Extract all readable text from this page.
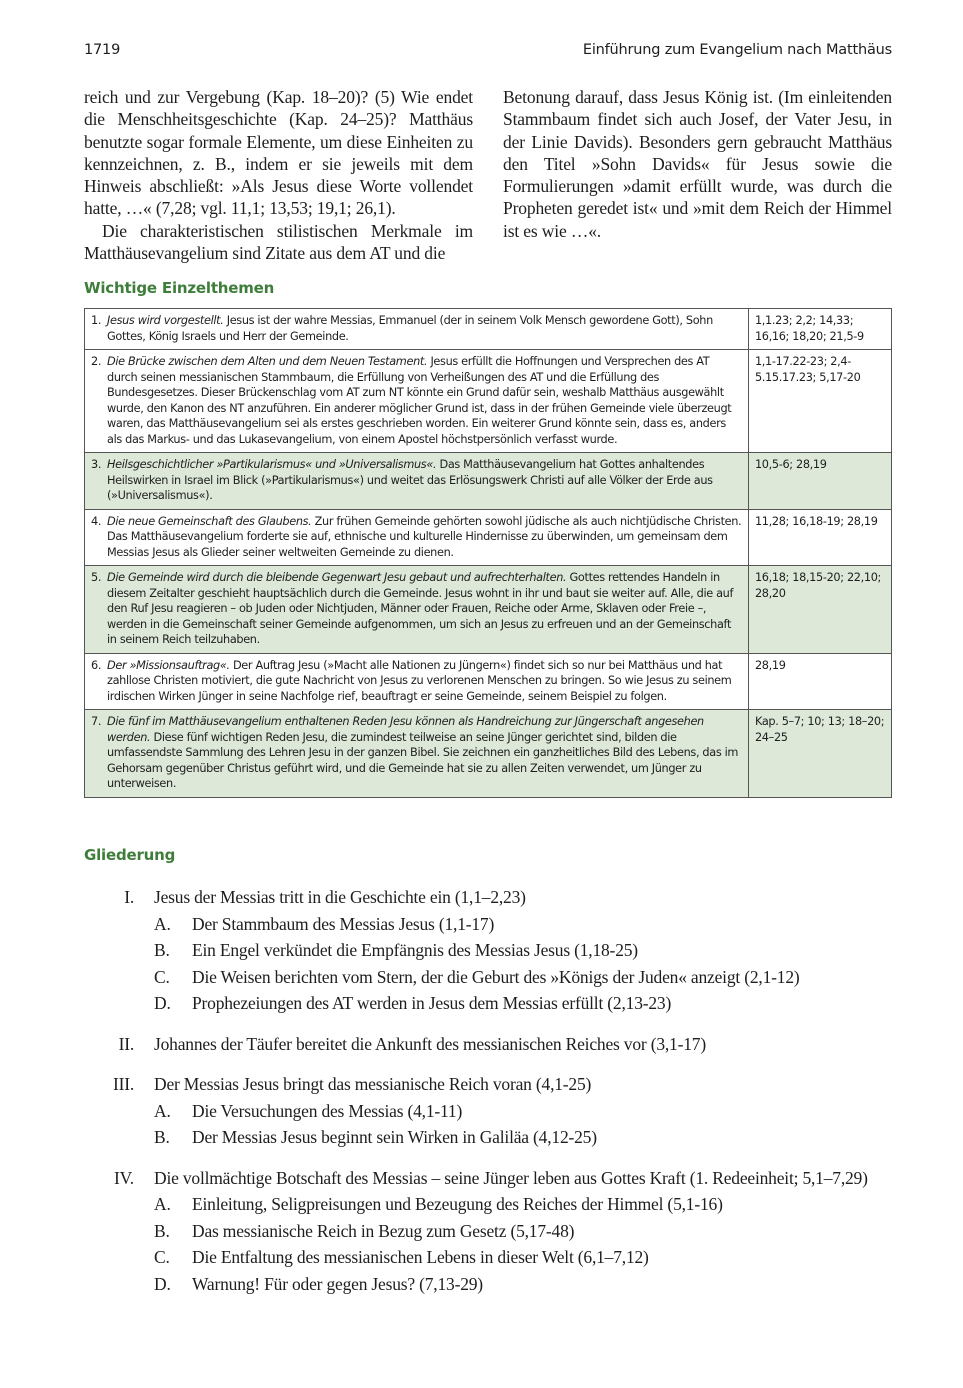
1719	Einführung zum Evangelium nach Matthäus

reich und zur Vergebung (Kap. 18–20)? (5) Wie endet die Menschheitsgeschichte (Kap. 24–25)? Matthäus benutzte sogar formale Elemente, um diese Einheiten zu kennzeichnen, z. B., indem er sie jeweils mit dem Hinweis abschließt: »Als Jesus diese Worte vollendet hatte, …« (7,28; vgl. 11,1; 13,53; 19,1; 26,1).

Die charakteristischen stilistischen Merkmale im Matthäusevangelium sind Zitate aus dem AT und die

Betonung darauf, dass Jesus König ist. (Im einleitenden Stammbaum findet sich auch Josef, der Vater Jesu, in der Linie Davids). Besonders gern gebraucht Matthäus den Titel »Sohn Davids« für Jesus sowie die Formulierungen »damit erfüllt wurde, was durch die Propheten geredet ist« und »mit dem Reich der Himmel ist es wie …«.

Wichtige Einzelthemen
1. Jesus wird vorgestellt. Jesus ist der wahre Messias, Emmanuel (der in seinem Volk Mensch gewordene Gott), Sohn Gottes, König Israels und Herr der Gemeinde.	1,1.23; 2,2; 14,33; 16,16; 18,20; 21,5-9

2. Die Brücke zwischen dem Alten und dem Neuen Testament. Jesus erfüllt die Hoffnungen und Versprechen des AT durch seinen messianischen Stammbaum, die Erfüllung von Verheißungen des AT und die Erfüllung des Bundesgesetzes. Dieser Brückenschlag vom AT zum NT könnte ein Grund dafür sein, weshalb Matthäus ausgewählt wurde, den Kanon des NT anzuführen. Ein anderer möglicher Grund ist, dass in der frühen Gemeinde viele überzeugt waren, das Matthäusevangelium sei als erstes geschrieben worden. Ein weiterer Grund könnte sein, dass es, anders als das Markus- und das Lukasevangelium, von einem Apostel höchstpersönlich verfasst wurde.	1,1-17.22-23; 2,4-5.15.17.23; 5,17-20

3. Heilsgeschichtlicher »Partikularismus« und »Universalismus«. Das Matthäusevangelium hat Gottes anhaltendes Heilswirken in Israel im Blick (»Partikularismus«) und weitet das Erlösungswerk Christi auf alle Völker der Erde aus (»Universalismus«).	10,5-6; 28,19

4. Die neue Gemeinschaft des Glaubens. Zur frühen Gemeinde gehörten sowohl jüdische als auch nichtjüdische Christen. Das Matthäusevangelium forderte sie auf, ethnische und kulturelle Hindernisse zu überwinden, um gemeinsam dem Messias Jesus als Glieder seiner weltweiten Gemeinde zu dienen.	11,28; 16,18-19; 28,19

5. Die Gemeinde wird durch die bleibende Gegenwart Jesu gebaut und aufrechterhalten. Gottes rettendes Handeln in diesem Zeitalter geschieht hauptsächlich durch die Gemeinde. Jesus wohnt in ihr und baut sie weiter auf. Alle, die auf den Ruf Jesu reagieren – ob Juden oder Nichtjuden, Männer oder Frauen, Reiche oder Arme, Sklaven oder Freie –, werden in die Gemeinschaft seiner Gemeinde aufgenommen, um sich an Jesus zu erfreuen und an der Gemeinschaft in seinem Reich teilzuhaben.	16,18; 18,15-20; 22,10; 28,20

6. Der »Missionsauftrag«. Der Auftrag Jesu (»Macht alle Nationen zu Jüngern«) findet sich so nur bei Matthäus und hat zahllose Christen motiviert, die gute Nachricht von Jesus zu verlorenen Menschen zu bringen. So wie Jesus zu seinem irdischen Wirken Jünger in seine Nachfolge rief, beauftragt er seine Gemeinde, seinem Beispiel zu folgen.	28,19

7. Die fünf im Matthäusevangelium enthaltenen Reden Jesu können als Handreichung zur Jüngerschaft angesehen werden. Diese fünf wichtigen Reden Jesu, die zumindest teilweise an seine Jünger gerichtet sind, bilden die umfassendste Sammlung des Lehren Jesu in der ganzen Bibel. Sie zeichnen ein ganzheitliches Bild des Lebens, das im Gehorsam gegenüber Christus geführt wird, und die Gemeinde hat sie zu allen Zeiten verwendet, um Jünger zu unterweisen.	Kap. 5–7; 10; 13; 18–20; 24–25
Gliederung
I. Jesus der Messias tritt in die Geschichte ein (1,1–2,23)
A. Der Stammbaum des Messias Jesus (1,1-17)
B. Ein Engel verkündet die Empfängnis des Messias Jesus (1,18-25)
C. Die Weisen berichten vom Stern, der die Geburt des »Königs der Juden« anzeigt (2,1-12)
D. Prophezeiungen des AT werden in Jesus dem Messias erfüllt (2,13-23)
II. Johannes der Täufer bereitet die Ankunft des messianischen Reiches vor (3,1-17)
III. Der Messias Jesus bringt das messianische Reich voran (4,1-25)
A. Die Versuchungen des Messias (4,1-11)
B. Der Messias Jesus beginnt sein Wirken in Galiläa (4,12-25)
IV. Die vollmächtige Botschaft des Messias – seine Jünger leben aus Gottes Kraft (1. Redeeinheit; 5,1–7,29)
A. Einleitung, Seligpreisungen und Bezeugung des Reiches der Himmel (5,1-16)
B. Das messianische Reich in Bezug zum Gesetz (5,17-48)
C. Die Entfaltung des messianischen Lebens in dieser Welt (6,1–7,12)
D. Warnung! Für oder gegen Jesus? (7,13-29)
